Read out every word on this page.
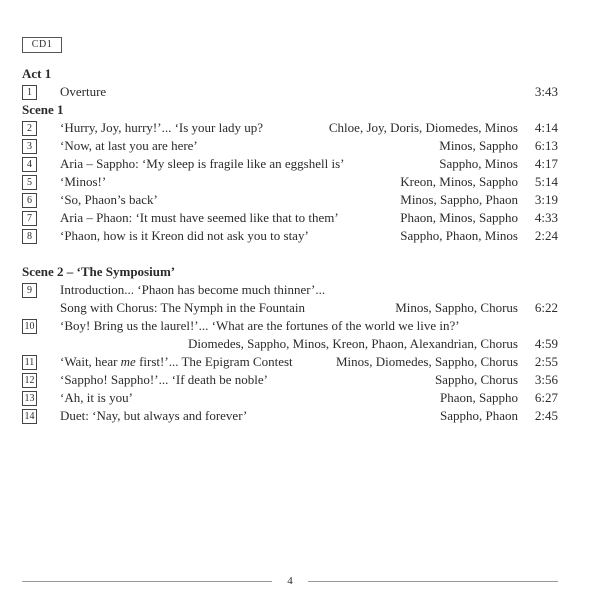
CD1
Act 1
1	Overture	3:43
Scene 1
2	‘Hurry, Joy, hurry!’... ‘Is your lady up?	Chloe, Joy, Doris, Diomedes, Minos 4:14
3	‘Now, at last you are here’	Minos, Sappho 6:13
4	Aria – Sappho: ‘My sleep is fragile like an eggshell is’	Sappho, Minos 4:17
5	‘Minos!’	Kreon, Minos, Sappho 5:14
6	‘So, Phaon’s back’	Minos, Sappho, Phaon 3:19
7	Aria – Phaon: ‘It must have seemed like that to them’	Phaon, Minos, Sappho 4:33
8	‘Phaon, how is it Kreon did not ask you to stay’	Sappho, Phaon, Minos 2:24
Scene 2 – ‘The Symposium’
9	Introduction... ‘Phaon has become much thinner’...
Song with Chorus: The Nymph in the Fountain	Minos, Sappho, Chorus 6:22
10 ‘Boy! Bring us the laurel!’... ‘What are the fortunes of the world we live in?’
Diomedes, Sappho, Minos, Kreon, Phaon, Alexandrian, Chorus 4:59
11 ‘Wait, hear me first!’... The Epigram Contest	Minos, Diomedes, Sappho, Chorus 2:55
12 ‘Sappho! Sappho!’... ‘If death be noble’	Sappho, Chorus 3:56
13 ‘Ah, it is you’	Phaon, Sappho 6:27
14 Duet: ‘Nay, but always and forever’	Sappho, Phaon 2:45
4
